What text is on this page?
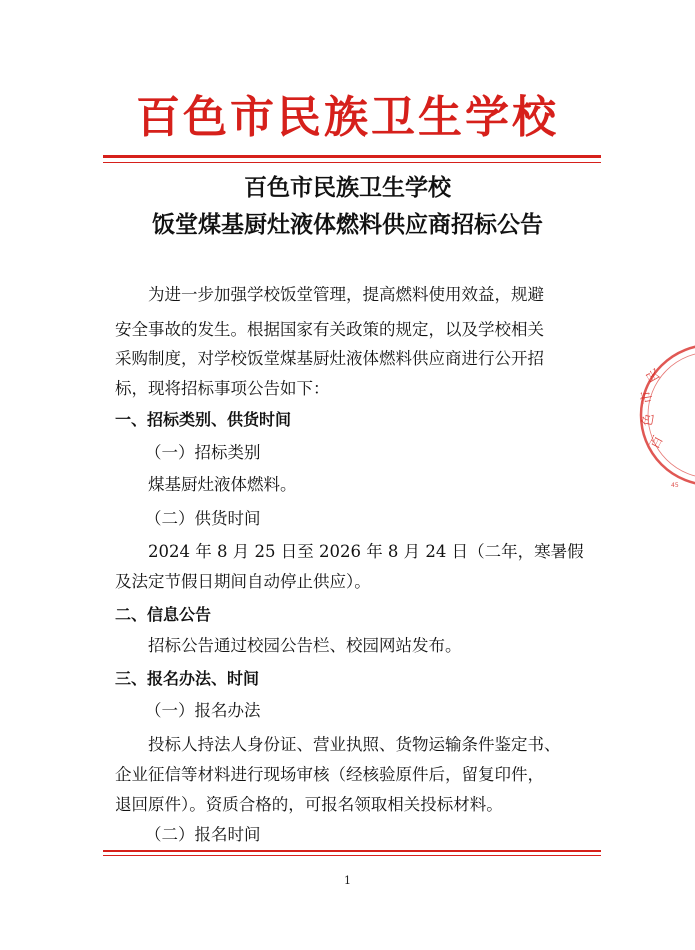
百色市民族卫生学校
百色市民族卫生学校
饭堂煤基厨灶液体燃料供应商招标公告
为进一步加强学校饭堂管理，提高燃料使用效益，规避
安全事故的发生。根据国家有关政策的规定，以及学校相关
采购制度，对学校饭堂煤基厨灶液体燃料供应商进行公开招
标，现将招标事项公告如下：
一、招标类别、供货时间
（一）招标类别
煤基厨灶液体燃料。
（二）供货时间
2024 年 8 月 25 日至 2026 年 8 月 24 日（二年，寒暑假
及法定节假日期间自动停止供应）。
二、信息公告
招标公告通过校园公告栏、校园网站发布。
三、报名办法、时间
（一）报名办法
投标人持法人身份证、营业执照、货物运输条件鉴定书、
企业征信等材料进行现场审核（经核验原件后，留复印件，
退回原件）。资质合格的，可报名领取相关投标材料。
（二）报名时间
1
百
色
市
民
45
